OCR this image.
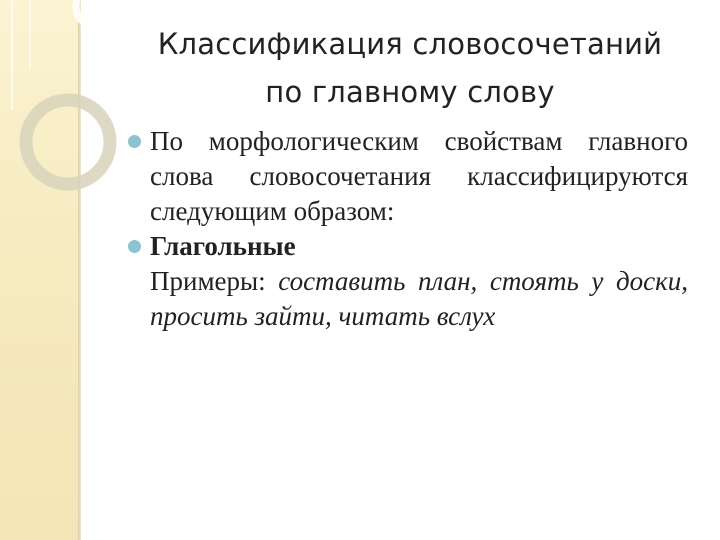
Классификация словосочетаний
по главному слову
По морфологическим свойствам главного слова словосочетания классифицируются следующим образом:
Глагольные
Примеры: составить план, стоять у доски, просить зайти, читать вслух
